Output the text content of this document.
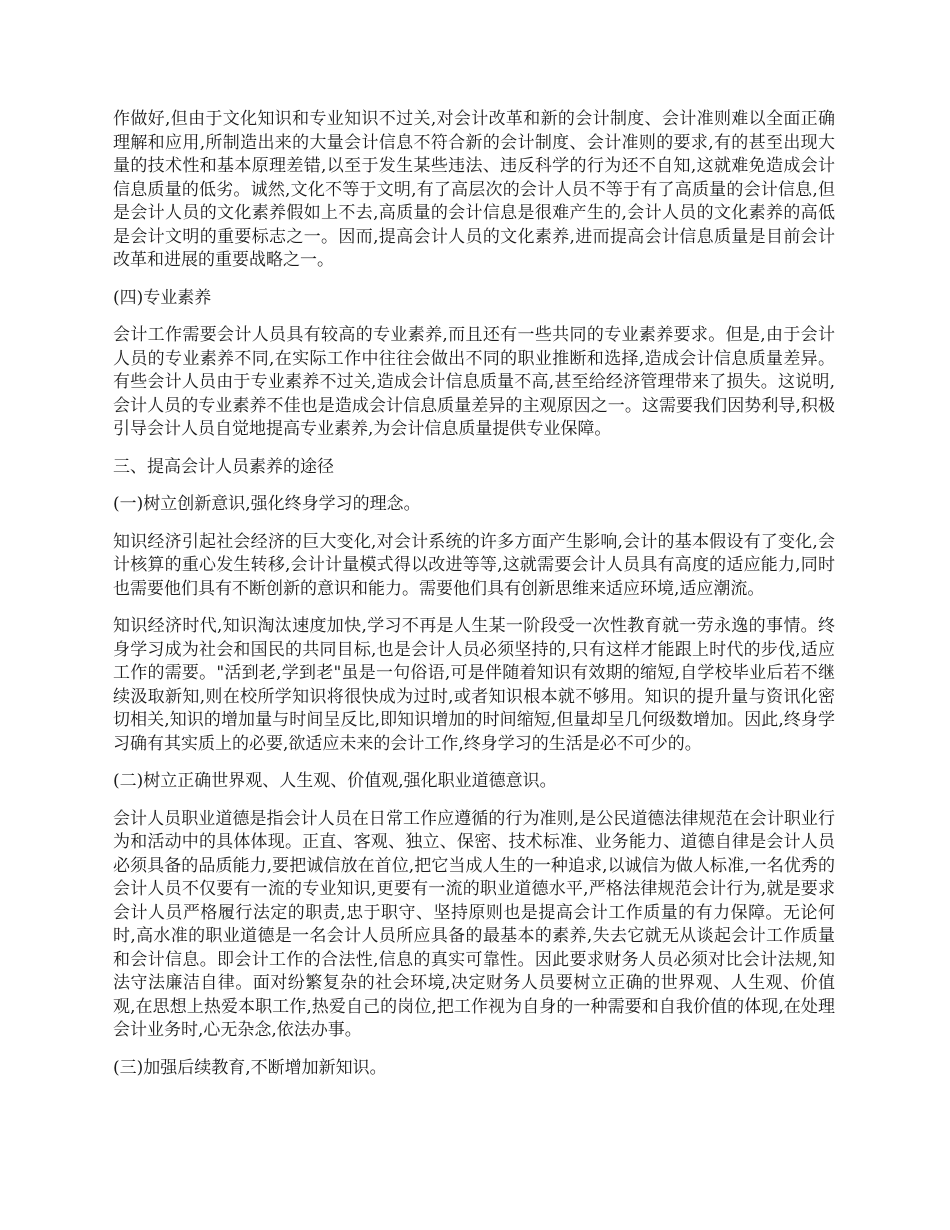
作做好,但由于文化知识和专业知识不过关,对会计改革和新的会计制度、会计准则难以全面正确理解和应用,所制造出来的大量会计信息不符合新的会计制度、会计准则的要求,有的甚至出现大量的技术性和基本原理差错,以至于发生某些违法、违反科学的行为还不自知,这就难免造成会计信息质量的低劣。诚然,文化不等于文明,有了高层次的会计人员不等于有了高质量的会计信息,但是会计人员的文化素养假如上不去,高质量的会计信息是很难产生的,会计人员的文化素养的高低是会计文明的重要标志之一。因而,提高会计人员的文化素养,进而提高会计信息质量是目前会计改革和进展的重要战略之一。

(四)专业素养

会计工作需要会计人员具有较高的专业素养,而且还有一些共同的专业素养要求。但是,由于会计人员的专业素养不同,在实际工作中往往会做出不同的职业推断和选择,造成会计信息质量差异。有些会计人员由于专业素养不过关,造成会计信息质量不高,甚至给经济管理带来了损失。这说明,会计人员的专业素养不佳也是造成会计信息质量差异的主观原因之一。这需要我们因势利导,积极引导会计人员自觉地提高专业素养,为会计信息质量提供专业保障。

三、提高会计人员素养的途径

(一)树立创新意识,强化终身学习的理念。

知识经济引起社会经济的巨大变化,对会计系统的许多方面产生影响,会计的基本假设有了变化,会计核算的重心发生转移,会计计量模式得以改进等等,这就需要会计人员具有高度的适应能力,同时也需要他们具有不断创新的意识和能力。需要他们具有创新思维来适应环境,适应潮流。

知识经济时代,知识淘汰速度加快,学习不再是人生某一阶段受一次性教育就一劳永逸的事情。终身学习成为社会和国民的共同目标,也是会计人员必须坚持的,只有这样才能跟上时代的步伐,适应工作的需要。"活到老,学到老"虽是一句俗语,可是伴随着知识有效期的缩短,自学校毕业后若不继续汲取新知,则在校所学知识将很快成为过时,或者知识根本就不够用。知识的提升量与资讯化密切相关,知识的增加量与时间呈反比,即知识增加的时间缩短,但量却呈几何级数增加。因此,终身学习确有其实质上的必要,欲适应未来的会计工作,终身学习的生活是必不可少的。

(二)树立正确世界观、人生观、价值观,强化职业道德意识。

会计人员职业道德是指会计人员在日常工作应遵循的行为准则,是公民道德法律规范在会计职业行为和活动中的具体体现。正直、客观、独立、保密、技术标准、业务能力、道德自律是会计人员必须具备的品质能力,要把诚信放在首位,把它当成人生的一种追求,以诚信为做人标准,一名优秀的会计人员不仅要有一流的专业知识,更要有一流的职业道德水平,严格法律规范会计行为,就是要求会计人员严格履行法定的职责,忠于职守、坚持原则也是提高会计工作质量的有力保障。无论何时,高水准的职业道德是一名会计人员所应具备的最基本的素养,失去它就无从谈起会计工作质量和会计信息。即会计工作的合法性,信息的真实可靠性。因此要求财务人员必须对比会计法规,知法守法廉洁自律。面对纷繁复杂的社会环境,决定财务人员要树立正确的世界观、人生观、价值观,在思想上热爱本职工作,热爱自己的岗位,把工作视为自身的一种需要和自我价值的体现,在处理会计业务时,心无杂念,依法办事。

(三)加强后续教育,不断增加新知识。
